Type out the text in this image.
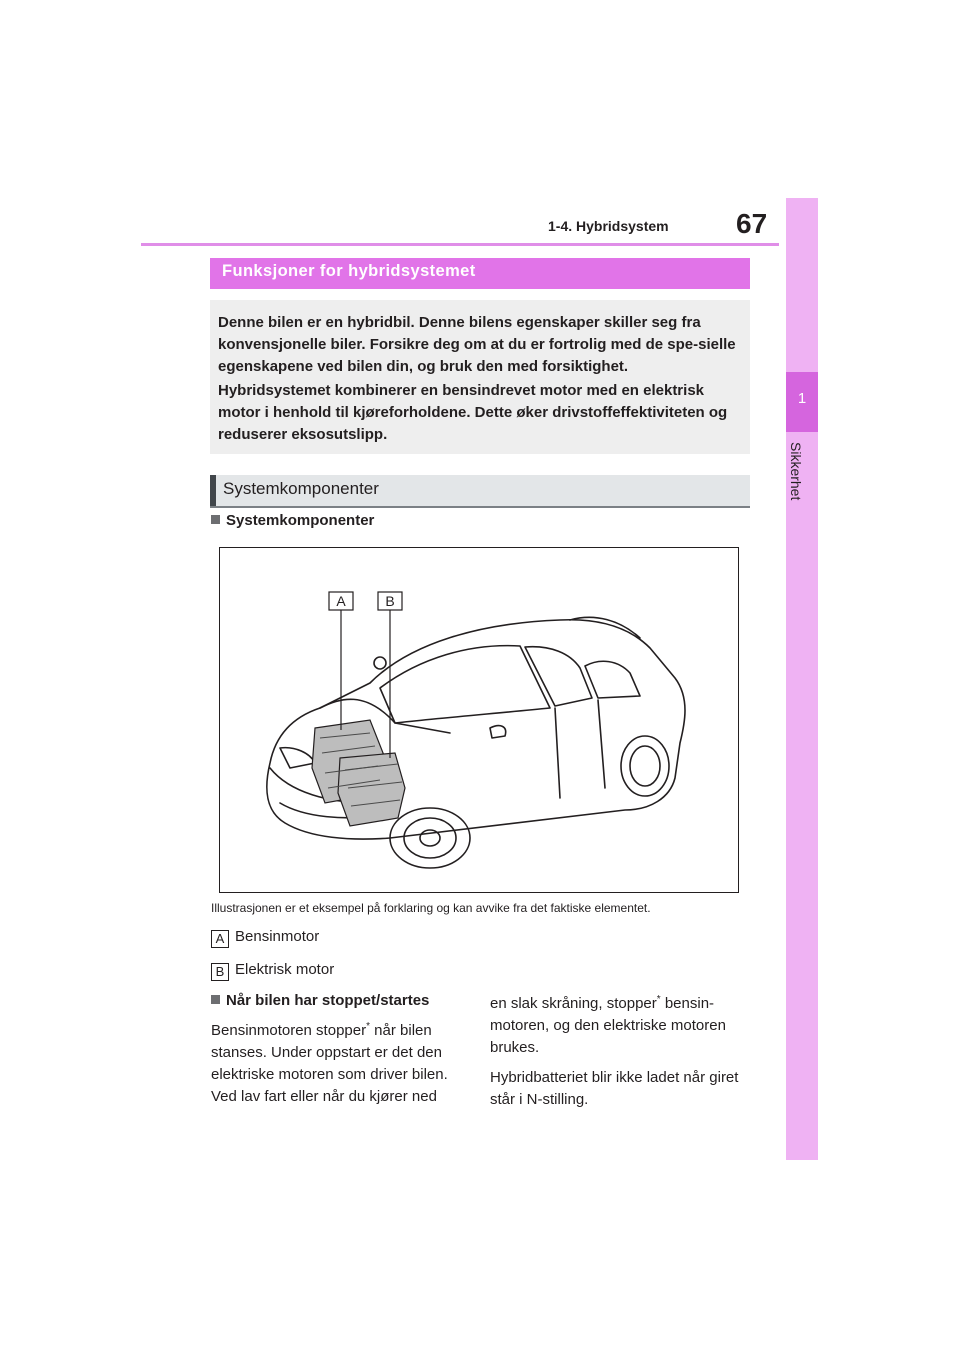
1-4. Hybridsystem 67
1
Sikkerhet
Funksjoner for hybridsystemet

Denne bilen er en hybridbil. Denne bilens egenskaper skiller seg fra konvensjonelle biler. Forsikre deg om at du er fortrolig med de spe-sielle egenskapene ved bilen din, og bruk den med forsiktighet.

Hybridsystemet kombinerer en bensindrevet motor med en elektrisk motor i henhold til kjøreforholdene. Dette øker drivstoffeffektiviteten og reduserer eksosutslipp.

Systemkomponenter
Systemkomponenter
A	B
Illustrasjonen er et eksempel på forklaring og kan avvike fra det faktiske elementet.
A Bensinmotor
B Elektrisk motor
Når bilen har stoppet/startes

Bensinmotoren stopper* når bilen stanses. Under oppstart er det den elektriske motoren som driver bilen. Ved lav fart eller når du kjører ned

en slak skråning, stopper* bensin-motoren, og den elektriske motoren brukes.

Hybridbatteriet blir ikke ladet når giret står i N-stilling.
